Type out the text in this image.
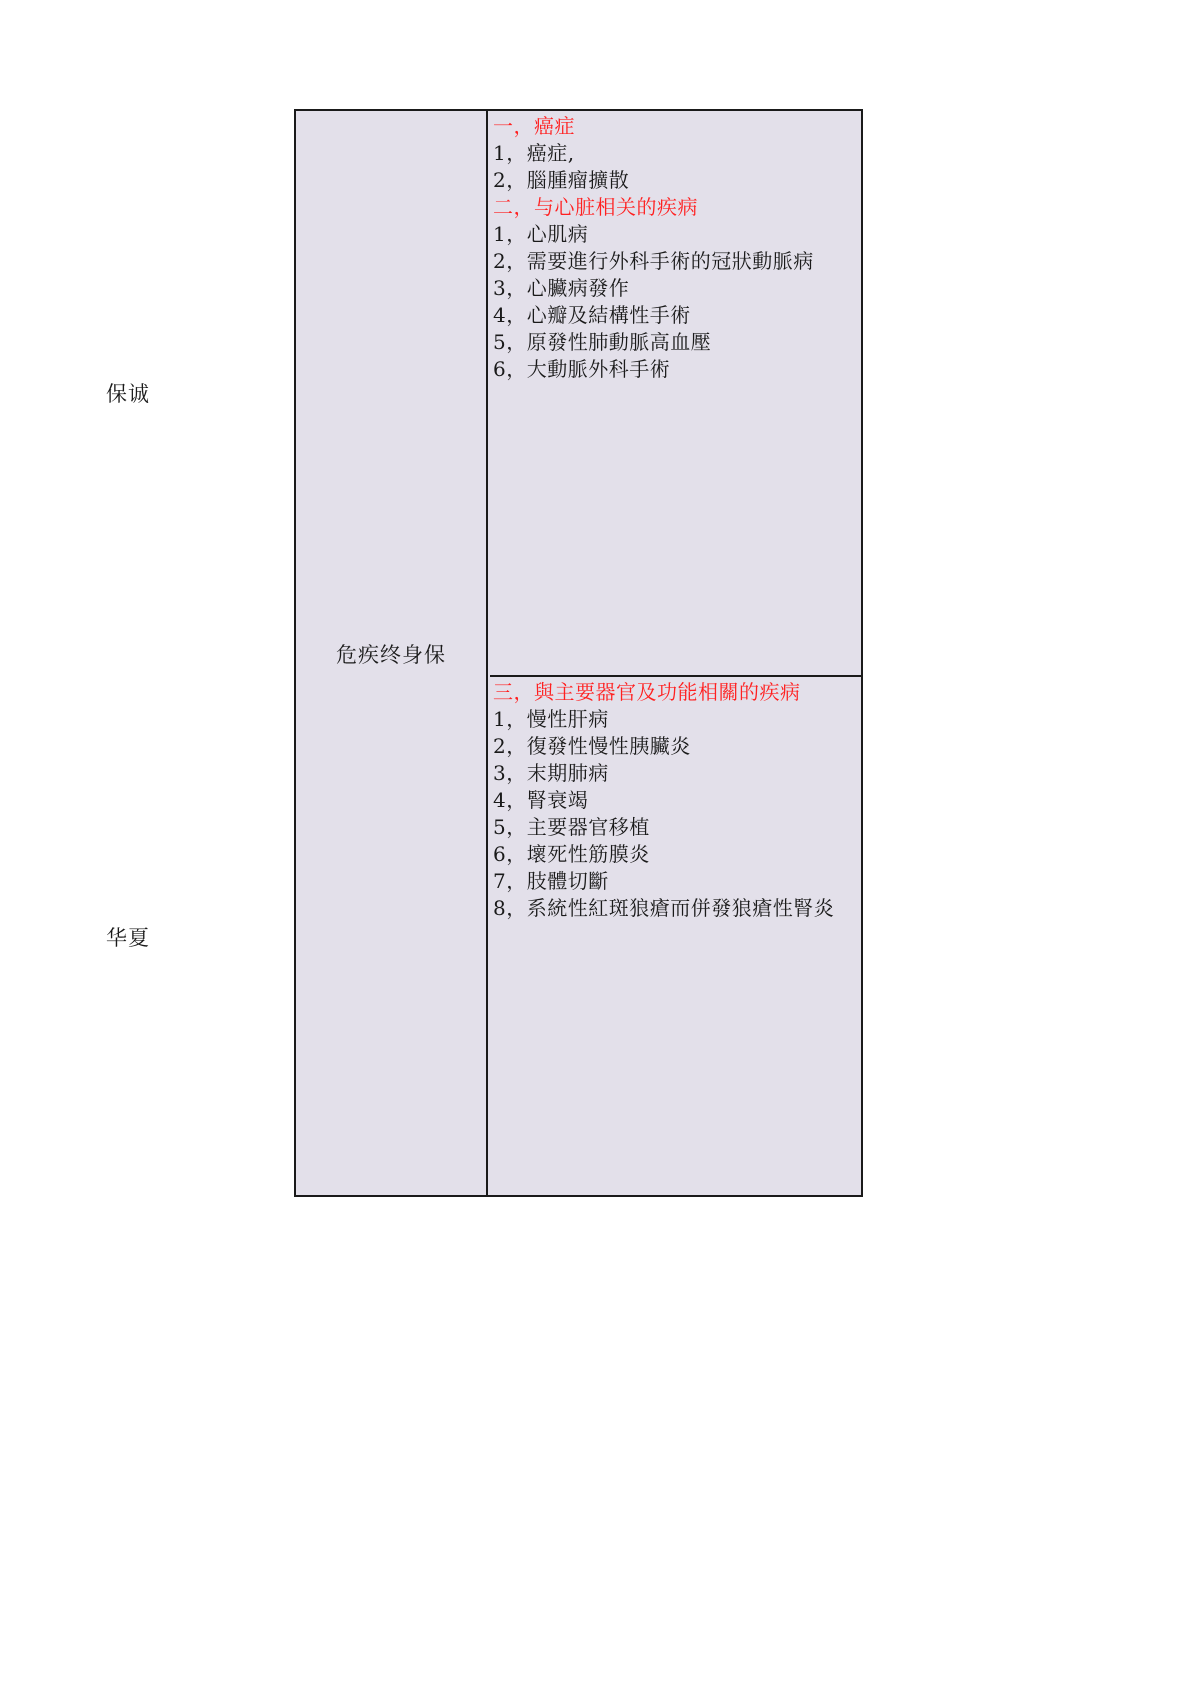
保诚
华夏
危疾终身保
一，癌症
1，癌症,
2，腦腫瘤擴散
二，与心脏相关的疾病
1，心肌病
2，需要進行外科手術的冠狀動脈病
3，心臟病發作
4，心瓣及結構性手術
5，原發性肺動脈高血壓
6，大動脈外科手術
三，與主要器官及功能相關的疾病
1，慢性肝病
2，復發性慢性胰臟炎
3，末期肺病
4，腎衰竭
5，主要器官移植
6，壞死性筋膜炎
7，肢體切斷
8，系統性紅斑狼瘡而併發狼瘡性腎炎
